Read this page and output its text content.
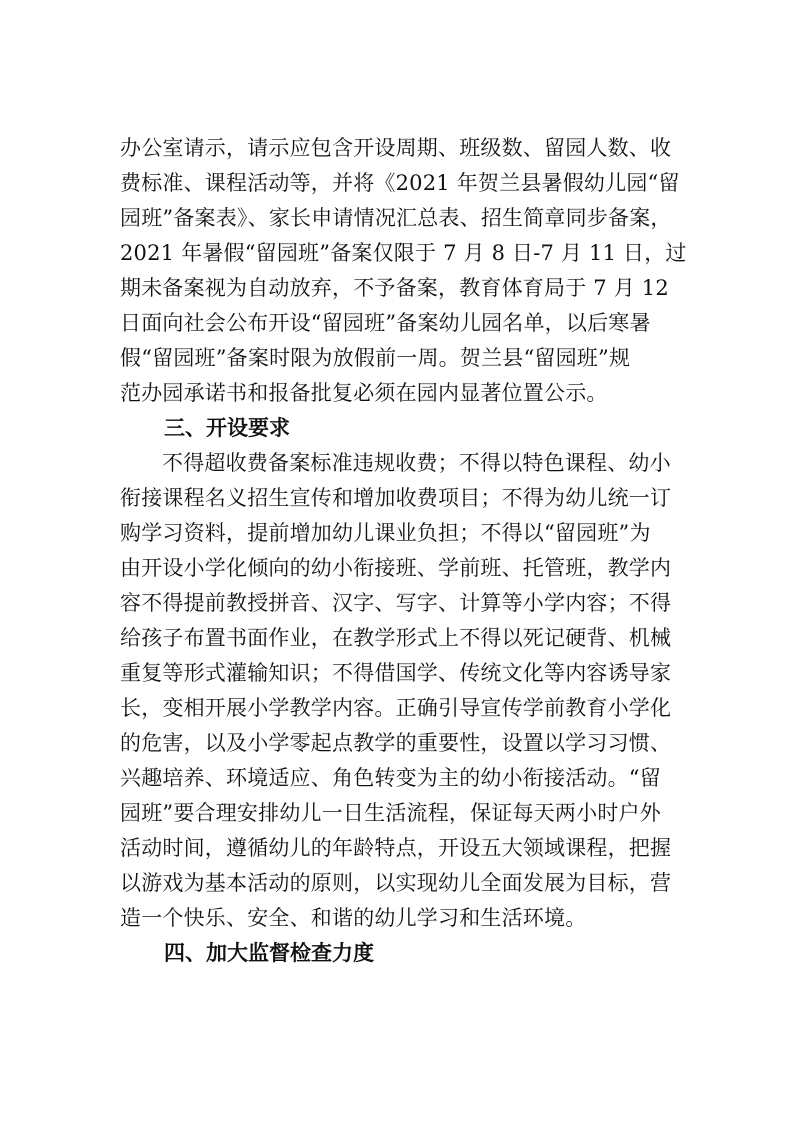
办公室请示，请示应包含开设周期、班级数、留园人数、收
费标准、课程活动等，并将《2021 年贺兰县暑假幼儿园“留
园班”备案表》、家长申请情况汇总表、招生简章同步备案，
2021 年暑假“留园班”备案仅限于 7 月 8 日-7 月 11 日，过
期未备案视为自动放弃，不予备案，教育体育局于 7 月 12
日面向社会公布开设“留园班”备案幼儿园名单，以后寒暑
假“留园班”备案时限为放假前一周。贺兰县“留园班”规
范办园承诺书和报备批复必须在园内显著位置公示。
三、开设要求
不得超收费备案标准违规收费；不得以特色课程、幼小
衔接课程名义招生宣传和增加收费项目；不得为幼儿统一订
购学习资料，提前增加幼儿课业负担；不得以“留园班”为
由开设小学化倾向的幼小衔接班、学前班、托管班，教学内
容不得提前教授拼音、汉字、写字、计算等小学内容；不得
给孩子布置书面作业，在教学形式上不得以死记硬背、机械
重复等形式灌输知识；不得借国学、传统文化等内容诱导家
长，变相开展小学教学内容。正确引导宣传学前教育小学化
的危害，以及小学零起点教学的重要性，设置以学习习惯、
兴趣培养、环境适应、角色转变为主的幼小衔接活动。“留
园班”要合理安排幼儿一日生活流程，保证每天两小时户外
活动时间，遵循幼儿的年龄特点，开设五大领域课程，把握
以游戏为基本活动的原则，以实现幼儿全面发展为目标，营
造一个快乐、安全、和谐的幼儿学习和生活环境。
四、加大监督检查力度
